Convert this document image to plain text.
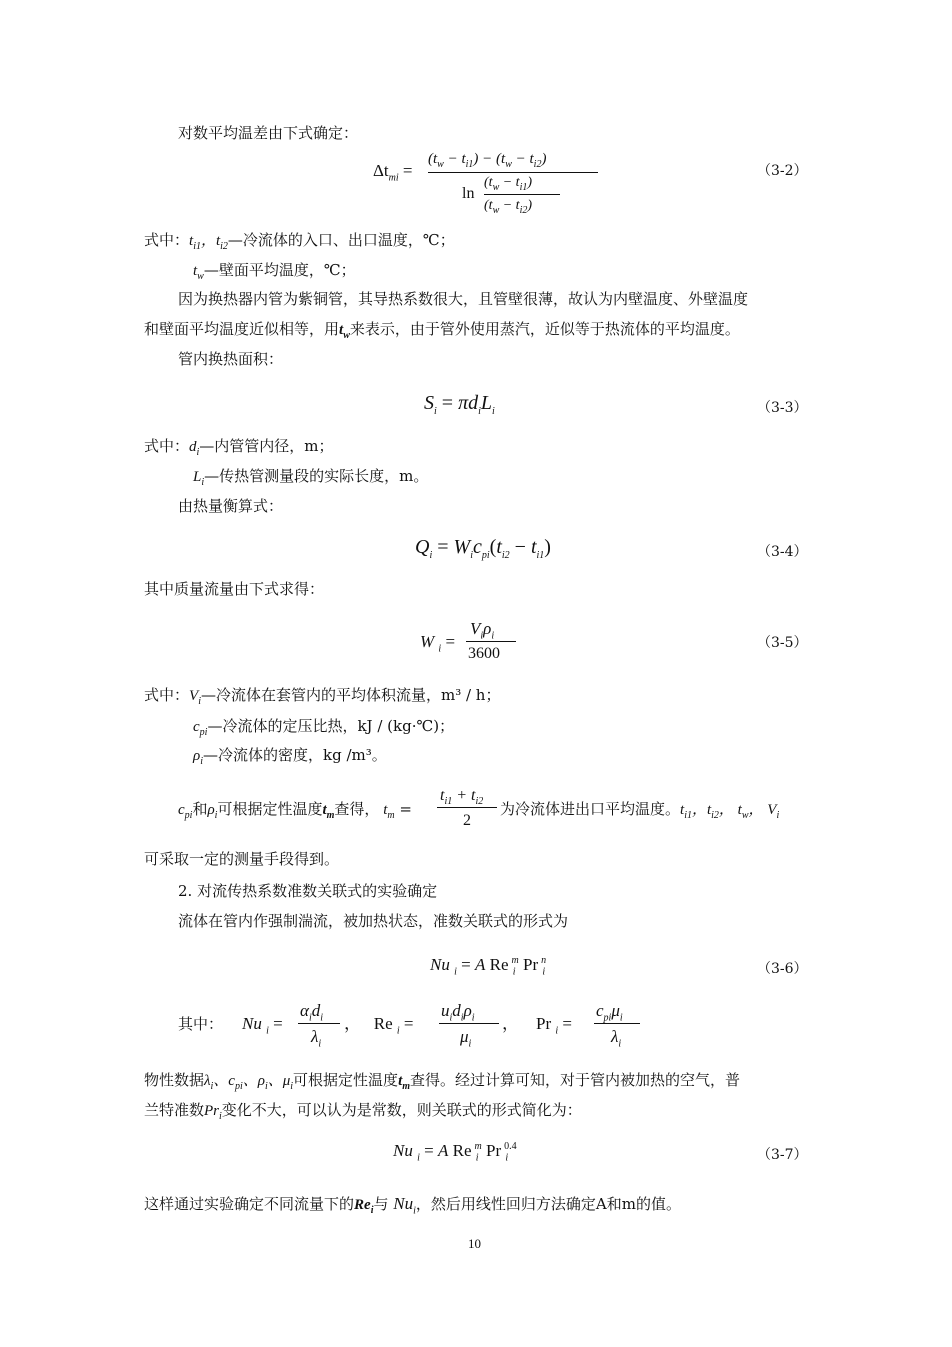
对数平均温差由下式确定：
$\Delta t_{mi}$ =
$(t_w - t_{i1}) - (t_w - t_{i2})$
ln
$(t_w - t_{i1})$
$(t_w - t_{i2})$
（3-2）
式中：$t_{i1}$，$t_{i2}—$冷流体的入口、出口温度，℃；
$t_w—$壁面平均温度，℃；
因为换热器内管为紫铜管，其导热系数很大，且管壁很薄，故认为内壁温度、外壁温度
和壁面平均温度近似相等，用$t_w$来表示，由于管外使用蒸汽，近似等于热流体的平均温度。
管内换热面积：
$S_i = \pi d_iL_i$	（3-3）
式中：$d_i—$内管管内径，m；
$L_i—$传热管测量段的实际长度，m。
由热量衡算式：
$Q_i = W_ic_{pi}(t_{i2} - t_{i1})$	（3-4）
其中质量流量由下式求得：
W $_i$ =
$V_i\rho_i$
3600
（3-5）
式中：$V_i—$冷流体在套管内的平均体积流量，m³ / h；
$c_{pi}—$冷流体的定压比热，kJ / (kg·℃)；
$\rho_i—$冷流体的密度，kg /m³。
$c_{pi}$和$\rho_i$可根据定性温度$t_m$查得， $t_m$ =
$t_{i1} + t_{i2}$
2
为冷流体进出口平均温度。$t_{i1}$，$t_{i2}$， $t_w$， $V_i$
可采取一定的测量手段得到。
2. 对流传热系数准数关联式的实验确定
流体在管内作强制湍流，被加热状态，准数关联式的形式为
Nu $_i$ = A Re $_i^m$ Pr $_i^n$
（3-6）
其中： Nu $_i$ =
$\alpha_id_i$
$\lambda_i$
，   Re $_i$ =
$u_id_i\rho_i$
$\mu_i$
，    Pr $_i$ =
$c_{pi}\mu_i$
$\lambda_i$
物性数据$\lambda_i$、$c_{pi}$、$\rho_i$、$\mu_i$可根据定性温度$t_m$查得。经过计算可知，对于管内被加热的空气，普
兰特准数$Pr_i$变化不大，可以认为是常数，则关联式的形式简化为：
Nu $_i$ = A Re $_i^m$ Pr $_i^{0.4}$
（3-7）
这样通过实验确定不同流量下的$Re_i$与 $Nu_i$，然后用线性回归方法确定A和m的值。
10
